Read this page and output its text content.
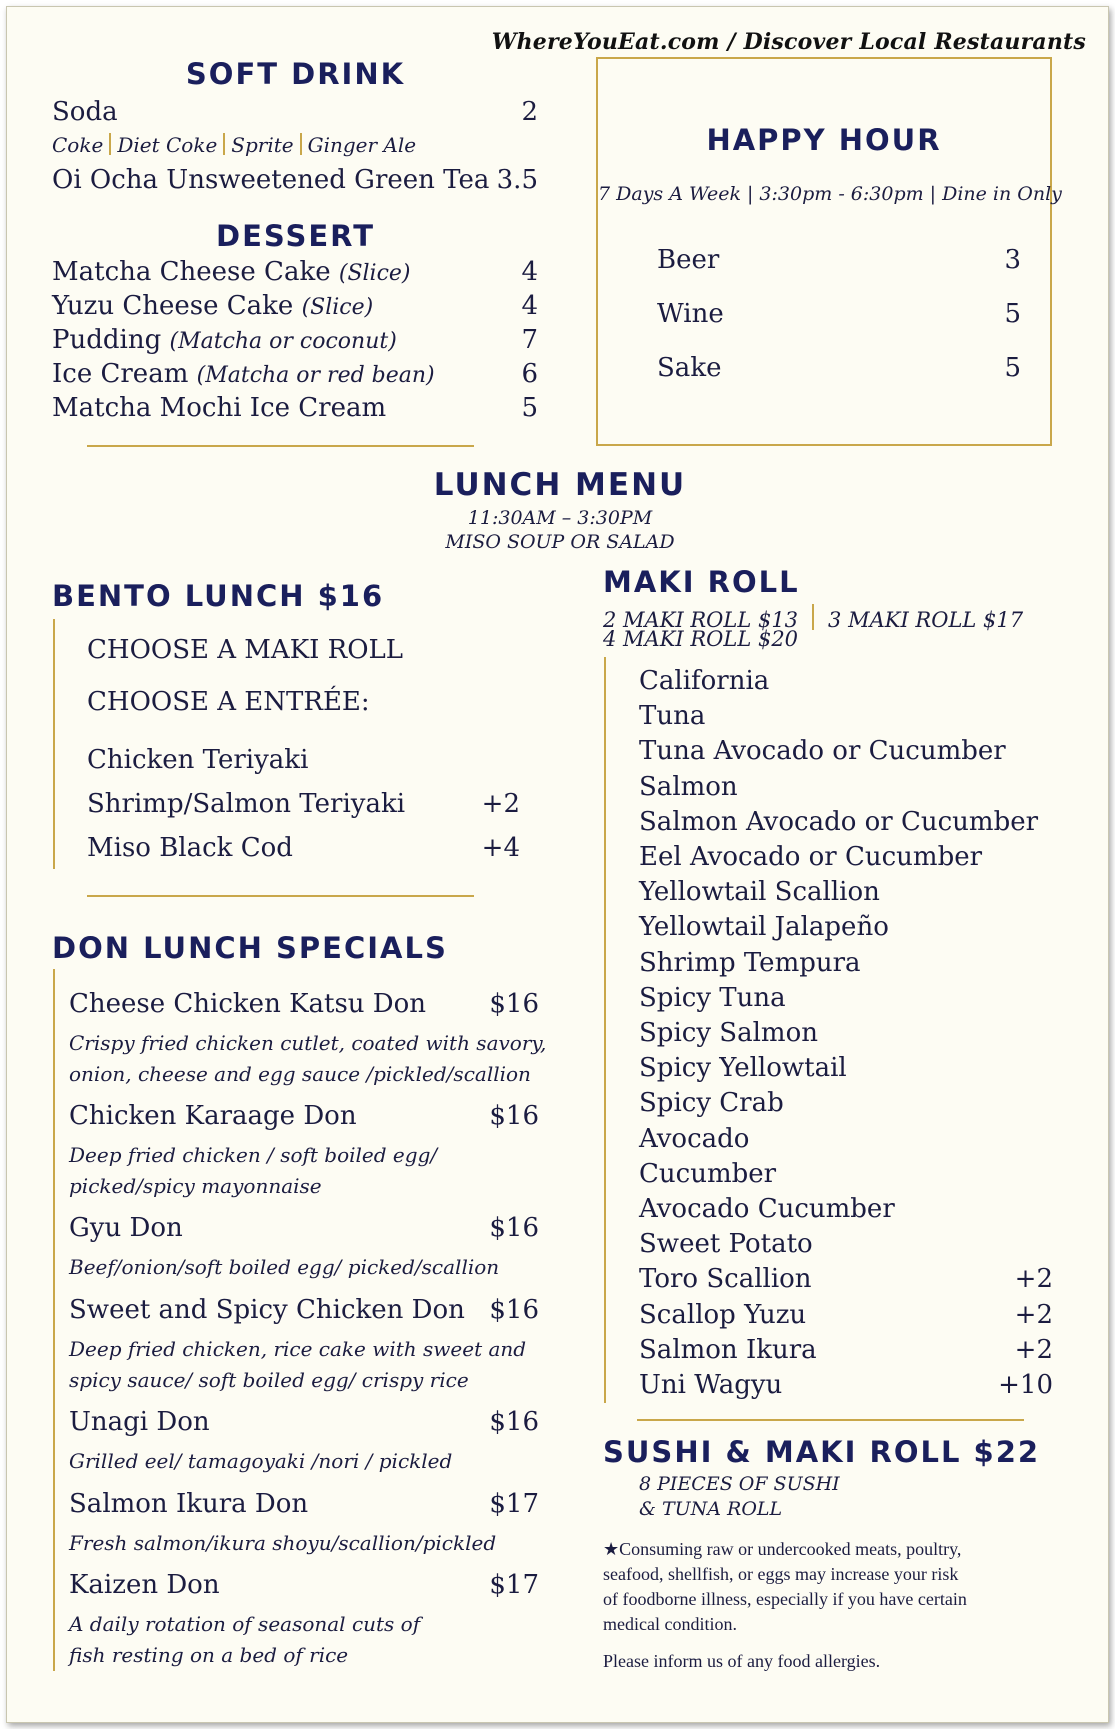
WhereYouEat.com / Discover Local Restaurants
SOFT DRINK
Soda	2
Coke Diet Coke Sprite Ginger Ale
Oi Ocha Unsweetened Green Tea 3.5
DESSERT
Matcha Cheese Cake (Slice)	4
Yuzu Cheese Cake (Slice)	4
Pudding (Matcha or coconut)	7
Ice Cream (Matcha or red bean)	6
Matcha Mochi Ice Cream	5
HAPPY HOUR
7 Days A Week | 3:30pm - 6:30pm | Dine in Only
Beer	3
Wine	5
Sake	5
LUNCH MENU
11:30AM – 3:30PM
MISO SOUP OR SALAD
BENTO LUNCH $16
CHOOSE A MAKI ROLL
CHOOSE A ENTRÉE:
Chicken Teriyaki
Shrimp/Salmon Teriyaki	+2
Miso Black Cod	+4
DON LUNCH SPECIALS
Cheese Chicken Katsu Don $16
Crispy fried chicken cutlet, coated with savory,
onion, cheese and egg sauce /pickled/scallion
Chicken Karaage Don	$16
Deep fried chicken / soft boiled egg/
picked/spicy mayonnaise
Gyu Don	$16
Beef/onion/soft boiled egg/ picked/scallion
Sweet and Spicy Chicken Don $16
Deep fried chicken, rice cake with sweet and
spicy sauce/ soft boiled egg/ crispy rice
Unagi Don	$16
Grilled eel/ tamagoyaki /nori / pickled
Salmon Ikura Don	$17
Fresh salmon/ikura shoyu/scallion/pickled
Kaizen Don	$17
A daily rotation of seasonal cuts of
fish resting on a bed of rice
MAKI ROLL
2 MAKI ROLL $13 3 MAKI ROLL $17
4 MAKI ROLL $20
California
Tuna
Tuna Avocado or Cucumber
Salmon
Salmon Avocado or Cucumber
Eel Avocado or Cucumber
Yellowtail Scallion
Yellowtail Jalapeño
Shrimp Tempura
Spicy Tuna
Spicy Salmon
Spicy Yellowtail
Spicy Crab
Avocado
Cucumber
Avocado Cucumber
Sweet Potato
Toro Scallion	+2
Scallop Yuzu	+2
Salmon Ikura	+2
Uni Wagyu	+10
SUSHI & MAKI ROLL $22
8 PIECES OF SUSHI
& TUNA ROLL
★Consuming raw or undercooked meats, poultry,
seafood, shellfish, or eggs may increase your risk
of foodborne illness, especially if you have certain
medical condition.
Please inform us of any food allergies.
